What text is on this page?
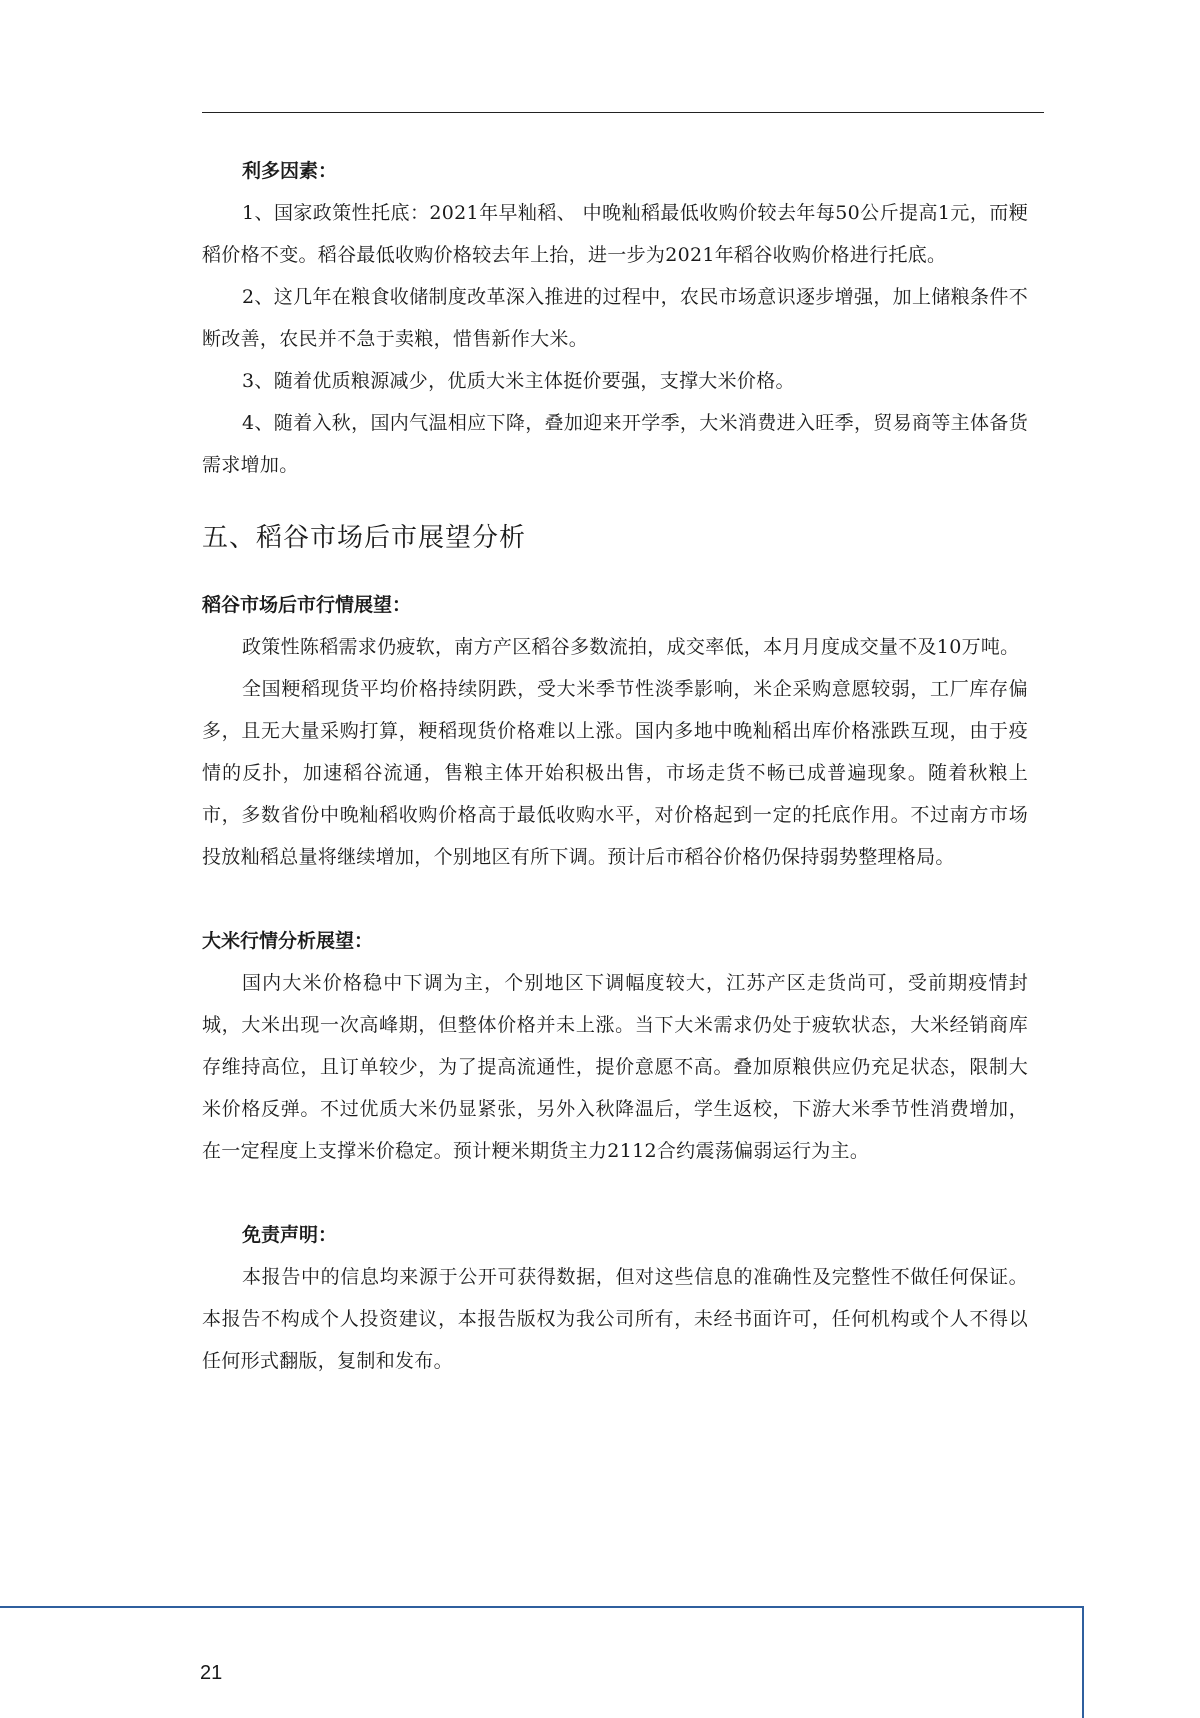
利多因素：

1、国家政策性托底：2021年早籼稻、 中晚籼稻最低收购价较去年每50公斤提高1元，而粳稻价格不变。稻谷最低收购价格较去年上抬，进一步为2021年稻谷收购价格进行托底。

2、这几年在粮食收储制度改革深入推进的过程中，农民市场意识逐步增强，加上储粮条件不断改善，农民并不急于卖粮，惜售新作大米。

3、随着优质粮源减少，优质大米主体挺价要强，支撑大米价格。

4、随着入秋，国内气温相应下降，叠加迎来开学季，大米消费进入旺季，贸易商等主体备货需求增加。

五、稻谷市场后市展望分析
稻谷市场后市行情展望：

政策性陈稻需求仍疲软，南方产区稻谷多数流拍，成交率低，本月月度成交量不及10万吨。

全国粳稻现货平均价格持续阴跌，受大米季节性淡季影响，米企采购意愿较弱，工厂库存偏多，且无大量采购打算，粳稻现货价格难以上涨。国内多地中晚籼稻出库价格涨跌互现，由于疫情的反扑，加速稻谷流通，售粮主体开始积极出售，市场走货不畅已成普遍现象。随着秋粮上市，多数省份中晚籼稻收购价格高于最低收购水平，对价格起到一定的托底作用。不过南方市场投放籼稻总量将继续增加，个别地区有所下调。预计后市稻谷价格仍保持弱势整理格局。

大米行情分析展望：

国内大米价格稳中下调为主，个别地区下调幅度较大，江苏产区走货尚可，受前期疫情封城，大米出现一次高峰期，但整体价格并未上涨。当下大米需求仍处于疲软状态，大米经销商库存维持高位，且订单较少，为了提高流通性，提价意愿不高。叠加原粮供应仍充足状态，限制大米价格反弹。不过优质大米仍显紧张，另外入秋降温后，学生返校，下游大米季节性消费增加，在一定程度上支撑米价稳定。预计粳米期货主力2112合约震荡偏弱运行为主。

免责声明：

本报告中的信息均来源于公开可获得数据，但对这些信息的准确性及完整性不做任何保证。本报告不构成个人投资建议，本报告版权为我公司所有，未经书面许可，任何机构或个人不得以任何形式翻版，复制和发布。

21
